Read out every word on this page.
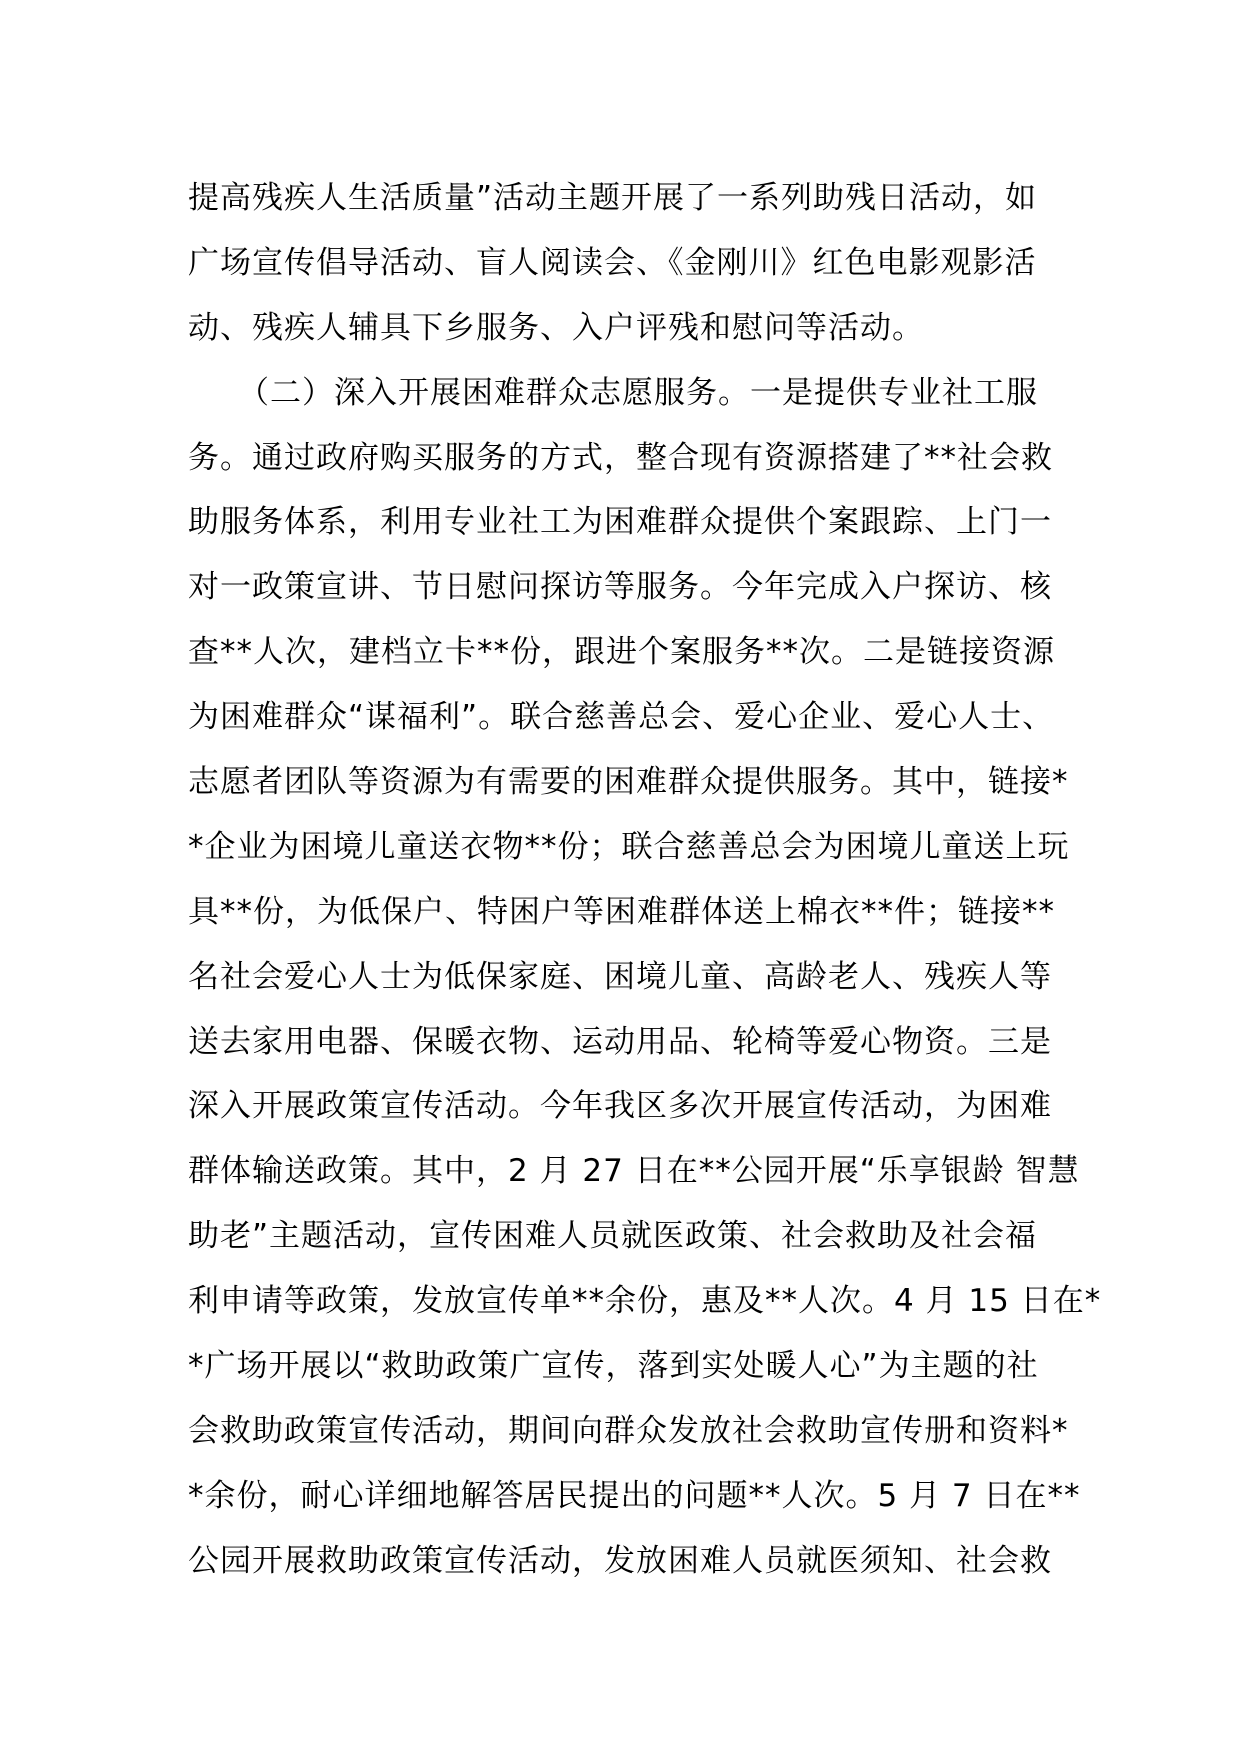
提高残疾人生活质量”活动主题开展了一系列助残日活动，如
广场宣传倡导活动、盲人阅读会、《金刚川》红色电影观影活
动、残疾人辅具下乡服务、入户评残和慰问等活动。
（二）深入开展困难群众志愿服务。一是提供专业社工服
务。通过政府购买服务的方式，整合现有资源搭建了**社会救
助服务体系，利用专业社工为困难群众提供个案跟踪、上门一
对一政策宣讲、节日慰问探访等服务。今年完成入户探访、核
查**人次，建档立卡**份，跟进个案服务**次。二是链接资源
为困难群众“谋福利”。联合慈善总会、爱心企业、爱心人士、
志愿者团队等资源为有需要的困难群众提供服务。其中，链接*
*企业为困境儿童送衣物**份；联合慈善总会为困境儿童送上玩
具**份，为低保户、特困户等困难群体送上棉衣**件；链接**
名社会爱心人士为低保家庭、困境儿童、高龄老人、残疾人等
送去家用电器、保暖衣物、运动用品、轮椅等爱心物资。三是
深入开展政策宣传活动。今年我区多次开展宣传活动，为困难
群体输送政策。其中，2 月 27 日在**公园开展“乐享银龄 智慧
助老”主题活动，宣传困难人员就医政策、社会救助及社会福
利申请等政策，发放宣传单**余份，惠及**人次。4 月 15 日在*
*广场开展以“救助政策广宣传，落到实处暖人心”为主题的社
会救助政策宣传活动，期间向群众发放社会救助宣传册和资料*
*余份，耐心详细地解答居民提出的问题**人次。5 月 7 日在**
公园开展救助政策宣传活动，发放困难人员就医须知、社会救
